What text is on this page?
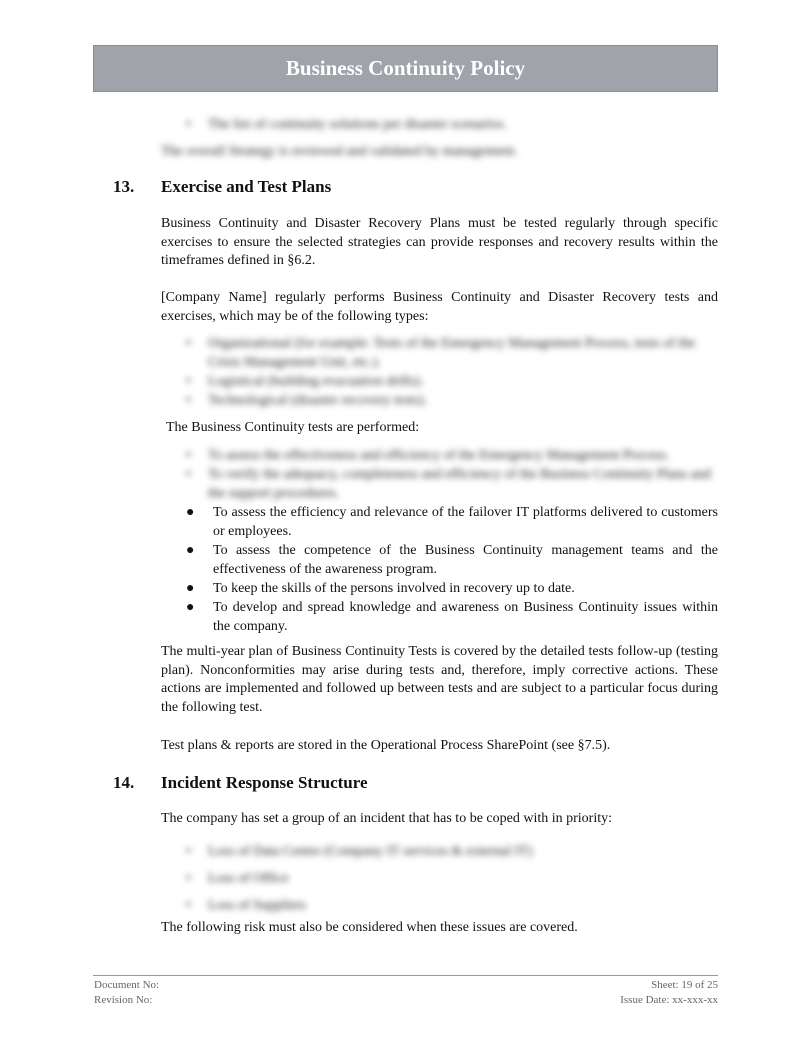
Business Continuity Policy
•	The list of continuity solutions per disaster scenarios.
The overall Strategy is reviewed and validated by management.
13.	Exercise and Test Plans

Business Continuity and Disaster Recovery Plans must be tested regularly through specific exercises to ensure the selected strategies can provide responses and recovery results within the timeframes defined in §6.2.

[Company Name] regularly performs Business Continuity and Disaster Recovery tests and exercises, which may be of the following types:

•	Organizational (for example: Tests of the Emergency Management Process, tests of the Crisis Management Unit, etc.).
•	Logistical (building evacuation drills).
•	Technological (disaster recovery tests).

The Business Continuity tests are performed:

•	To assess the effectiveness and efficiency of the Emergency Management Process.
•	To verify the adequacy, completeness and efficiency of the Business Continuity Plans and the support procedures.
●	To assess the efficiency and relevance of the failover IT platforms delivered to customers or employees.
●	To assess the competence of the Business Continuity management teams and the effectiveness of the awareness program.
●	To keep the skills of the persons involved in recovery up to date.
●	To develop and spread knowledge and awareness on Business Continuity issues within the company.

The multi-year plan of Business Continuity Tests is covered by the detailed tests follow-up (testing plan). Nonconformities may arise during tests and, therefore, imply corrective actions. These actions are implemented and followed up between tests and are subject to a particular focus during the following test.

Test plans & reports are stored in the Operational Process SharePoint (see §7.5).

14.	Incident Response Structure

The company has set a group of an incident that has to be coped with in priority:

•	Loss of Data Centre (Company IT services & external IT)
•	Loss of Office
•	Loss of Suppliers

The following risk must also be considered when these issues are covered.

Document No:
Revision No:
Sheet: 19 of 25
Issue Date: xx-xxx-xx
